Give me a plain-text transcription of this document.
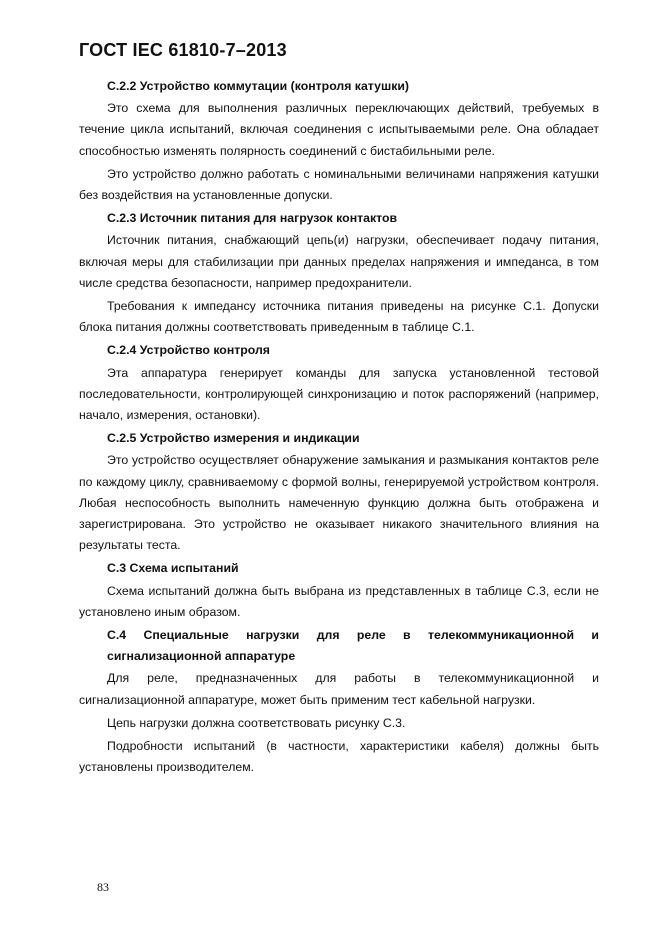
ГОСТ IEC 61810-7–2013
С.2.2 Устройство коммутации (контроля катушки)

Это схема для выполнения различных переключающих действий, требуемых в течение цикла испытаний, включая соединения с испытываемыми реле. Она обладает способностью изменять полярность соединений с бистабильными реле.

Это устройство должно работать с номинальными величинами напряжения катушки без воздействия на установленные допуски.

С.2.3 Источник питания для нагрузок контактов

Источник питания, снабжающий цепь(и) нагрузки, обеспечивает подачу питания, включая меры для стабилизации при данных пределах напряжения и импеданса, в том числе средства безопасности, например предохранители.

Требования к импедансу источника питания приведены на рисунке С.1. Допуски блока питания должны соответствовать приведенным в таблице С.1.

С.2.4 Устройство контроля

Эта аппаратура генерирует команды для запуска установленной тестовой последовательности, контролирующей синхронизацию и поток распоряжений (например, начало, измерения, остановки).

С.2.5 Устройство измерения и индикации

Это устройство осуществляет обнаружение замыкания и размыкания контактов реле по каждому циклу, сравниваемому с формой волны, генерируемой устройством контроля. Любая неспособность выполнить намеченную функцию должна быть отображена и зарегистрирована. Это устройство не оказывает никакого значительного влияния на результаты теста.

С.3 Схема испытаний

Схема испытаний должна быть выбрана из представленных в таблице С.3, если не установлено иным образом.

С.4 Специальные нагрузки для реле в телекоммуникационной и сигнализационной аппаратуре

Для реле, предназначенных для работы в телекоммуникационной и сигнализационной аппаратуре, может быть применим тест кабельной нагрузки.

Цепь нагрузки должна соответствовать рисунку С.3.

Подробности испытаний (в частности, характеристики кабеля) должны быть установлены производителем.

83
